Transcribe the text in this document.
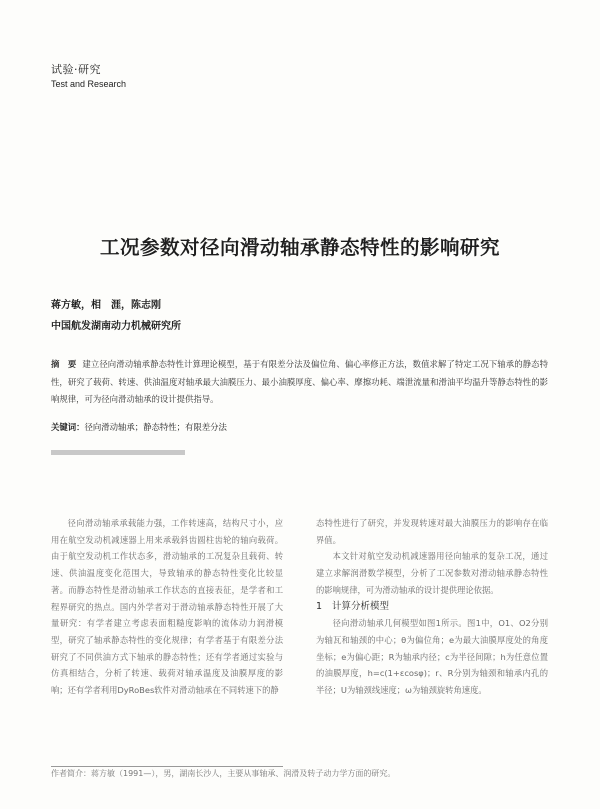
试验·研究
Test and Research
工况参数对径向滑动轴承静态特性的影响研究
蒋方敏，相　涯，陈志刚
中国航发湖南动力机械研究所
摘　要 建立径向滑动轴承静态特性计算理论模型，基于有限差分法及偏位角、偏心率修正方法，数值求解了特定工况下轴承的静态特性，研究了载荷、转速、供油温度对轴承最大油膜压力、最小油膜厚度、偏心率、摩擦功耗、端泄流量和滑油平均温升等静态特性的影响规律，可为径向滑动轴承的设计提供指导。
关键词：径向滑动轴承；静态特性；有限差分法

径向滑动轴承承载能力强，工作转速高，结构尺寸小，应用在航空发动机减速器上用来承载斜齿圆柱齿轮的轴向载荷。由于航空发动机工作状态多，滑动轴承的工况复杂且载荷、转速、供油温度变化范围大，导致轴承的静态特性变化比较显著。而静态特性是滑动轴承工作状态的直接表征，是学者和工程界研究的热点。国内外学者对于滑动轴承静态特性开展了大量研究：有学者建立考虑表面粗糙度影响的流体动力润滑模型，研究了轴承静态特性的变化规律；有学者基于有限差分法研究了不同供油方式下轴承的静态特性；还有学者通过实验与仿真相结合，分析了转速、载荷对轴承温度及油膜厚度的影响；还有学者利用DyRoBes软件对滑动轴承在不同转速下的静

态特性进行了研究，并发现转速对最大油膜压力的影响存在临界值。

本文针对航空发动机减速器用径向轴承的复杂工况，通过建立求解润滑数学模型，分析了工况参数对滑动轴承静态特性的影响规律，可为滑动轴承的设计提供理论依据。

1 计算分析模型

径向滑动轴承几何模型如图1所示。图1中，O1、O2分别为轴瓦和轴颈的中心；θ为偏位角；e为最大油膜厚度处的角度坐标；e为偏心距；R为轴承内径；c为半径间隙；h为任意位置的油膜厚度，h=c(1+εcosφ)；r、R分别为轴颈和轴承内孔的半径；U为轴颈线速度；ω为轴颈旋转角速度。

作者简介：蒋方敏（1991—），男，湖南长沙人，主要从事轴承、润滑及转子动力学方面的研究。
